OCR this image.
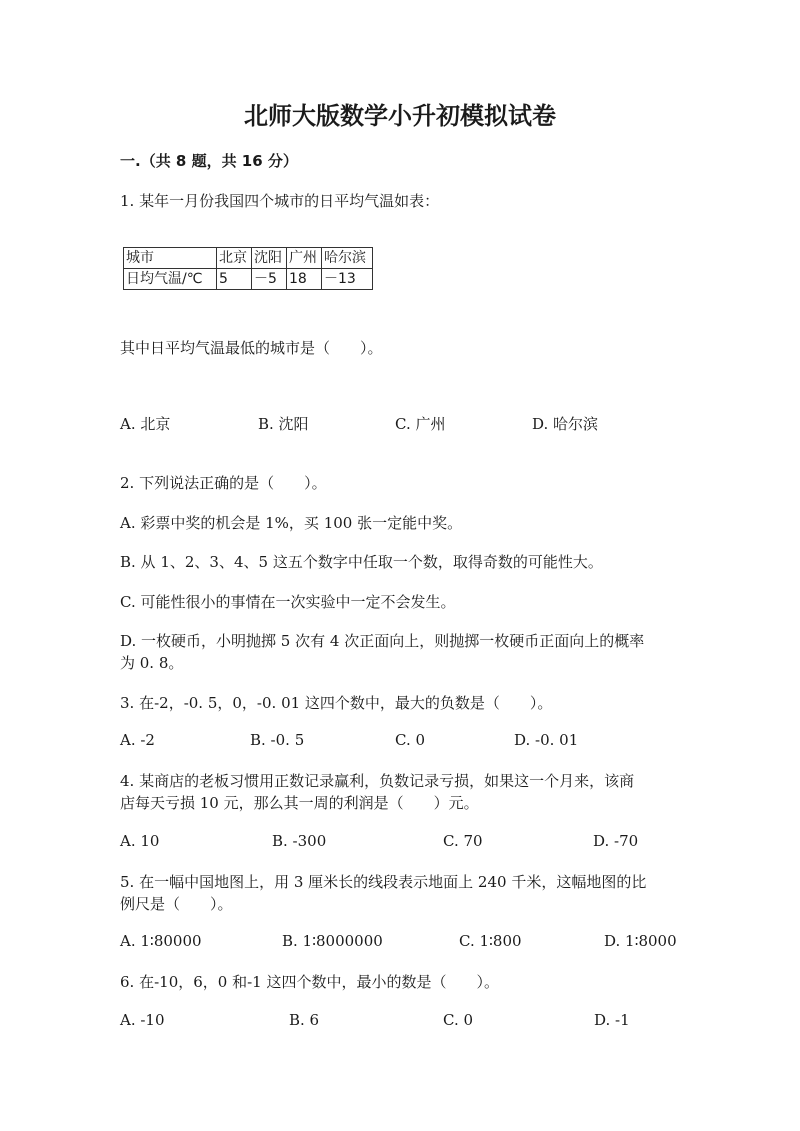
北师大版数学小升初模拟试卷
一.（共 8 题，共 16 分）
1. 某年一月份我国四个城市的日平均气温如表：
城市	北京	沈阳	广州	哈尔滨
日均气温/℃	5	－5	18	－13
其中日平均气温最低的城市是（　　）。
A. 北京	B. 沈阳	C. 广州	D. 哈尔滨
2. 下列说法正确的是（　　）。
A. 彩票中奖的机会是 1%，买 100 张一定能中奖。
B. 从 1、2、3、4、5 这五个数字中任取一个数，取得奇数的可能性大。
C. 可能性很小的事情在一次实验中一定不会发生。
D. 一枚硬币，小明抛掷 5 次有 4 次正面向上，则抛掷一枚硬币正面向上的概率
为 0. 8。
3. 在-2，-0. 5，0，-0. 01 这四个数中，最大的负数是（　　）。
A. -2	B. -0. 5	C. 0	D. -0. 01
4. 某商店的老板习惯用正数记录赢利，负数记录亏损，如果这一个月来，该商
店每天亏损 10 元，那么其一周的利润是（　　）元。
A. 10	B. -300	C. 70	D. -70
5. 在一幅中国地图上，用 3 厘米长的线段表示地面上 240 千米，这幅地图的比
例尺是（　　）。
A. 1∶80000	B. 1∶8000000	C. 1∶800	D. 1∶8000
6. 在-10，6，0 和-1 这四个数中，最小的数是（　　）。
A. -10	B. 6	C. 0	D. -1
